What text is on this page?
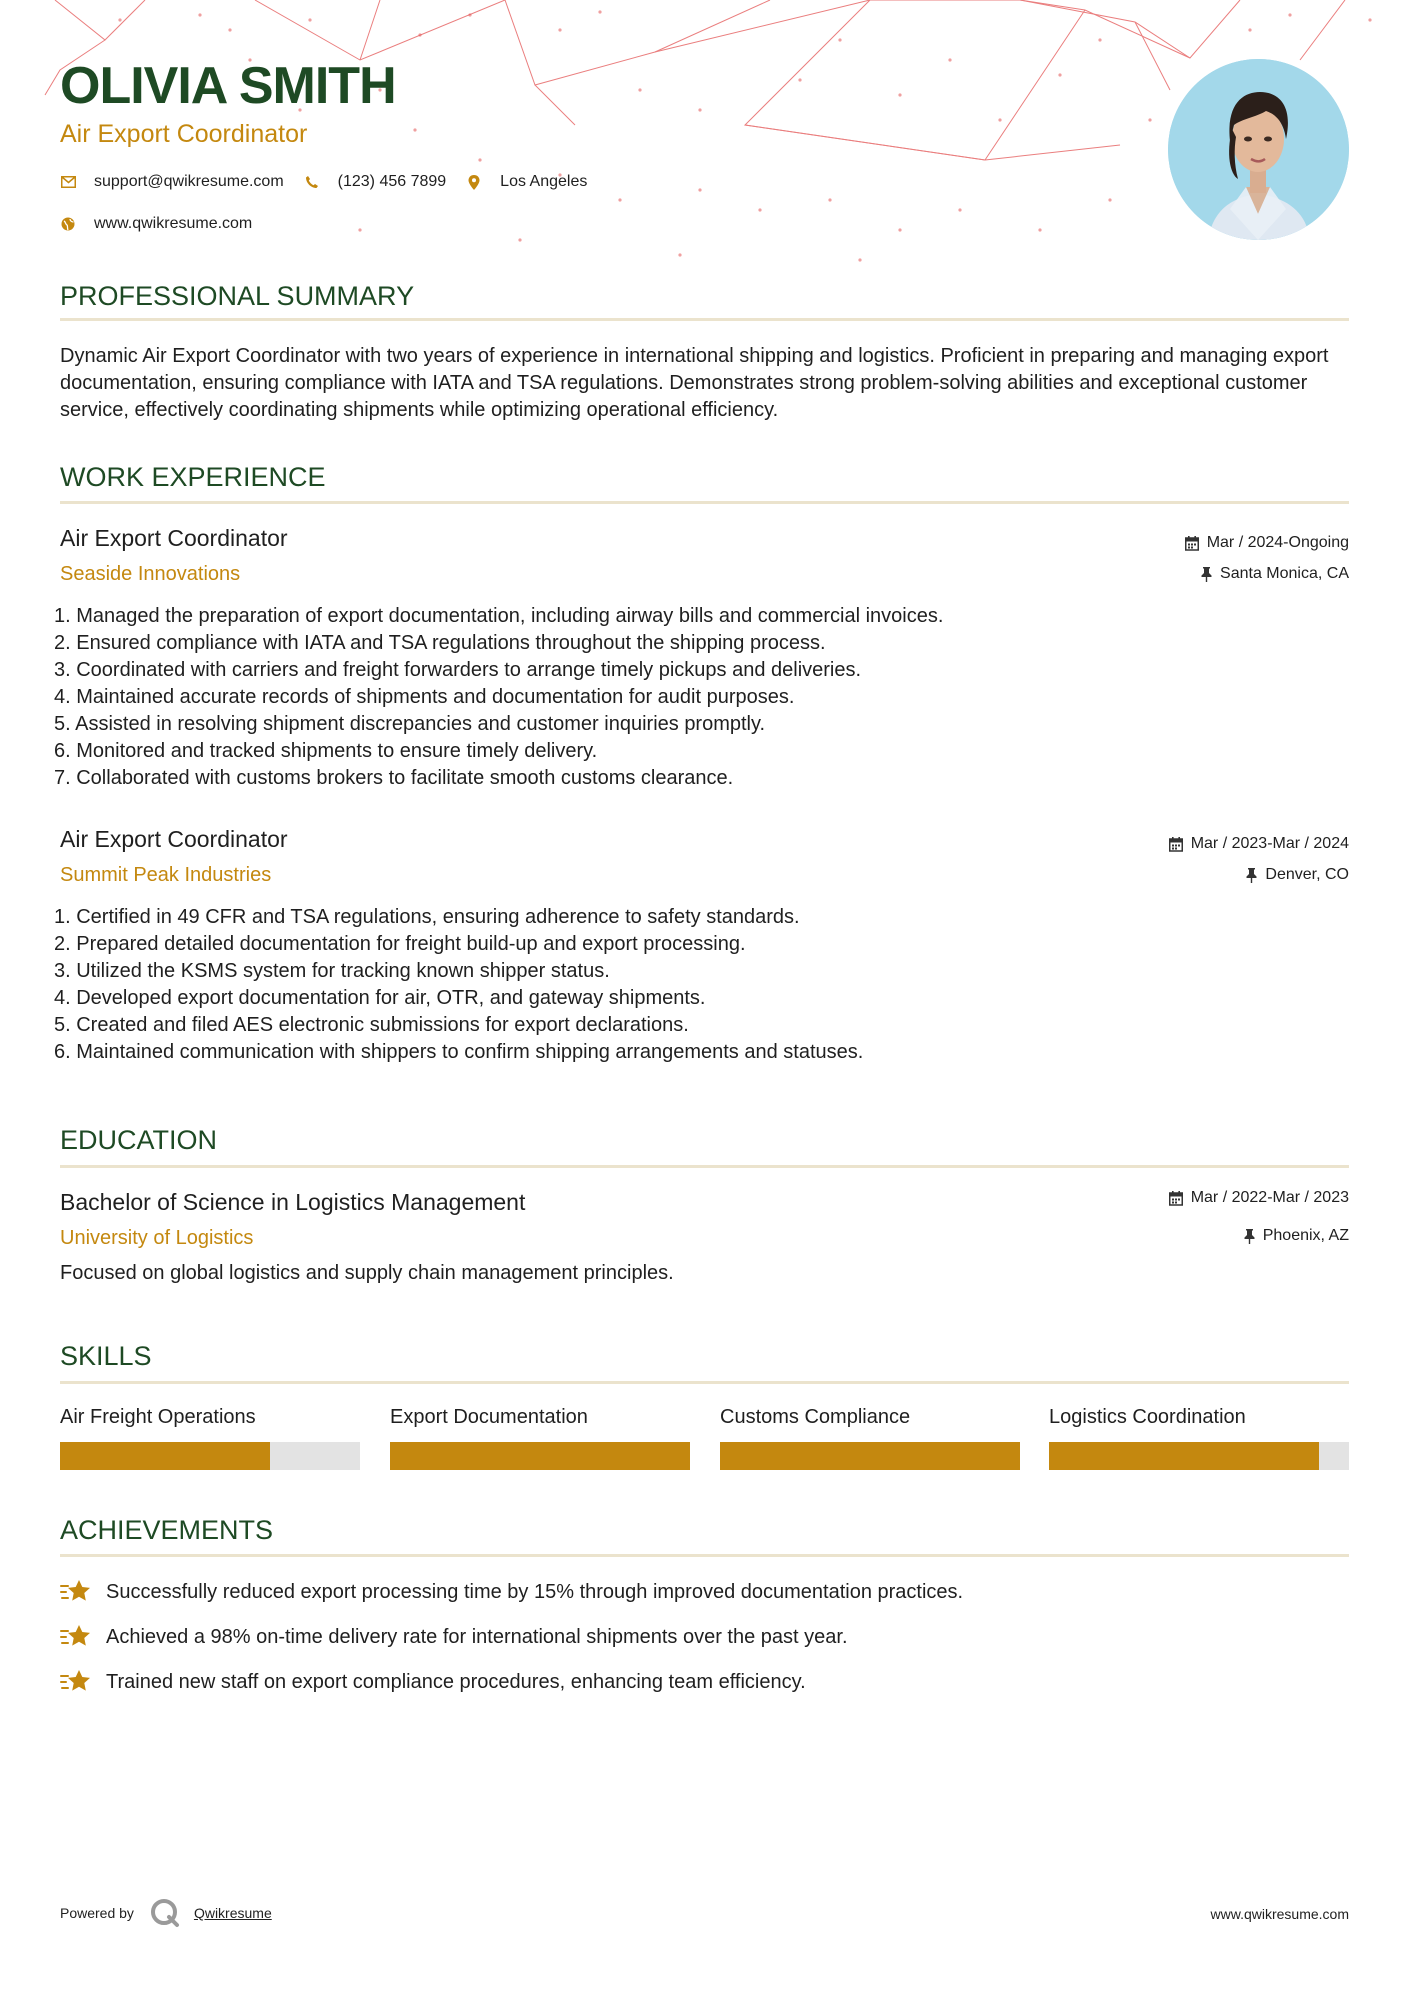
OLIVIA SMITH
Air Export Coordinator
support@qwikresume.com	(123) 456 7899	Los Angeles
www.qwikresume.com
PROFESSIONAL SUMMARY

Dynamic Air Export Coordinator with two years of experience in international shipping and logistics. Proficient in preparing and managing export documentation, ensuring compliance with IATA and TSA regulations. Demonstrates strong problem-solving abilities and exceptional customer service, effectively coordinating shipments while optimizing operational efficiency.

WORK EXPERIENCE
Air Export Coordinator
Seaside Innovations
Mar / 2024-Ongoing
Santa Monica, CA
1. Managed the preparation of export documentation, including airway bills and commercial invoices.
2. Ensured compliance with IATA and TSA regulations throughout the shipping process.
3. Coordinated with carriers and freight forwarders to arrange timely pickups and deliveries.
4. Maintained accurate records of shipments and documentation for audit purposes.
5. Assisted in resolving shipment discrepancies and customer inquiries promptly.
6. Monitored and tracked shipments to ensure timely delivery.
7. Collaborated with customs brokers to facilitate smooth customs clearance.
Air Export Coordinator
Summit Peak Industries
Mar / 2023-Mar / 2024
Denver, CO
1. Certified in 49 CFR and TSA regulations, ensuring adherence to safety standards.
2. Prepared detailed documentation for freight build-up and export processing.
3. Utilized the KSMS system for tracking known shipper status.
4. Developed export documentation for air, OTR, and gateway shipments.
5. Created and filed AES electronic submissions for export declarations.
6. Maintained communication with shippers to confirm shipping arrangements and statuses.
EDUCATION
Bachelor of Science in Logistics Management
University of Logistics
Mar / 2022-Mar / 2023
Phoenix, AZ
Focused on global logistics and supply chain management principles.
SKILLS
Air Freight Operations	Export Documentation	Customs Compliance	Logistics Coordination
ACHIEVEMENTS
Successfully reduced export processing time by 15% through improved documentation practices.
Achieved a 98% on-time delivery rate for international shipments over the past year.
Trained new staff on export compliance procedures, enhancing team efficiency.
Powered by	Qwikresume	www.qwikresume.com
